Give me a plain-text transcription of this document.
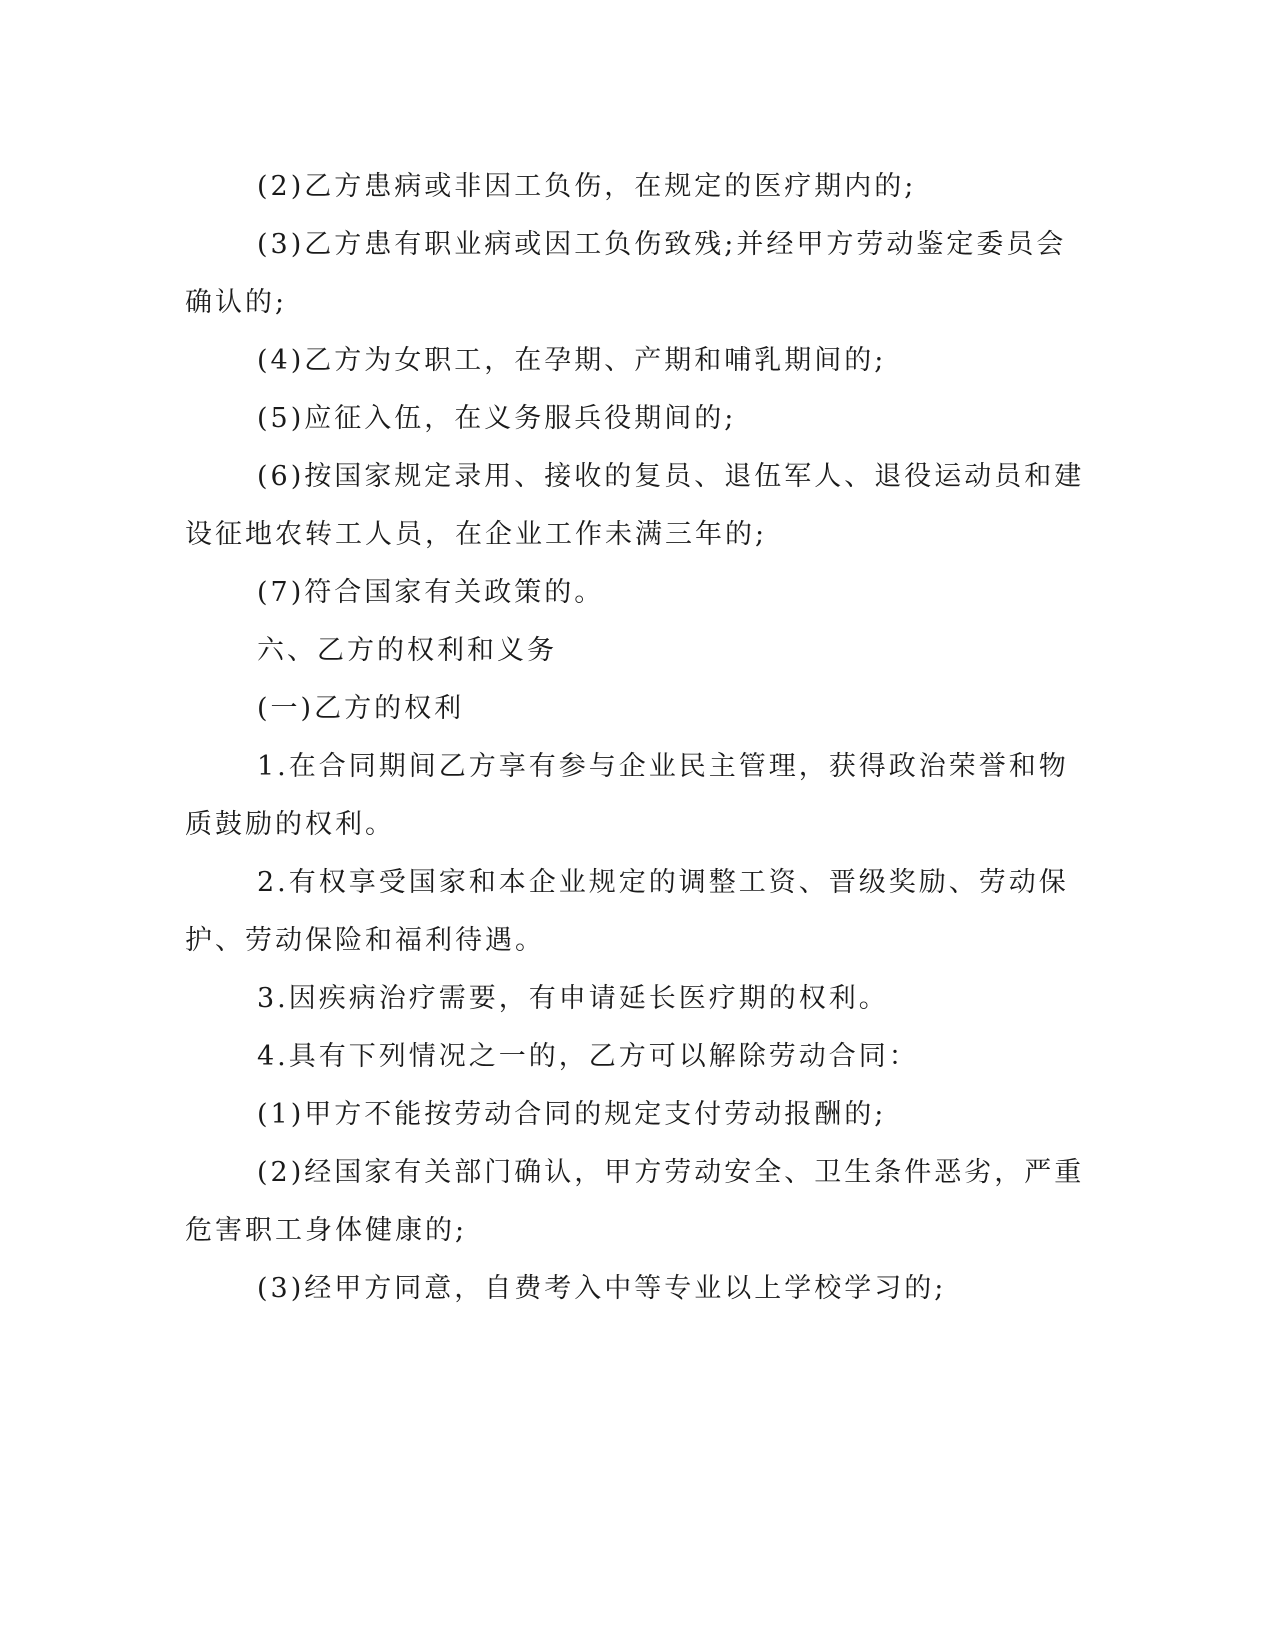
(2)乙方患病或非因工负伤，在规定的医疗期内的;

(3)乙方患有职业病或因工负伤致残;并经甲方劳动鉴定委员会确认的;

(4)乙方为女职工，在孕期、产期和哺乳期间的;

(5)应征入伍，在义务服兵役期间的;

(6)按国家规定录用、接收的复员、退伍军人、退役运动员和建设征地农转工人员，在企业工作未满三年的;

(7)符合国家有关政策的。

六、乙方的权利和义务

(一)乙方的权利

1.在合同期间乙方享有参与企业民主管理，获得政治荣誉和物质鼓励的权利。

2.有权享受国家和本企业规定的调整工资、晋级奖励、劳动保护、劳动保险和福利待遇。

3.因疾病治疗需要，有申请延长医疗期的权利。

4.具有下列情况之一的，乙方可以解除劳动合同：

(1)甲方不能按劳动合同的规定支付劳动报酬的;

(2)经国家有关部门确认，甲方劳动安全、卫生条件恶劣，严重危害职工身体健康的;

(3)经甲方同意，自费考入中等专业以上学校学习的;
